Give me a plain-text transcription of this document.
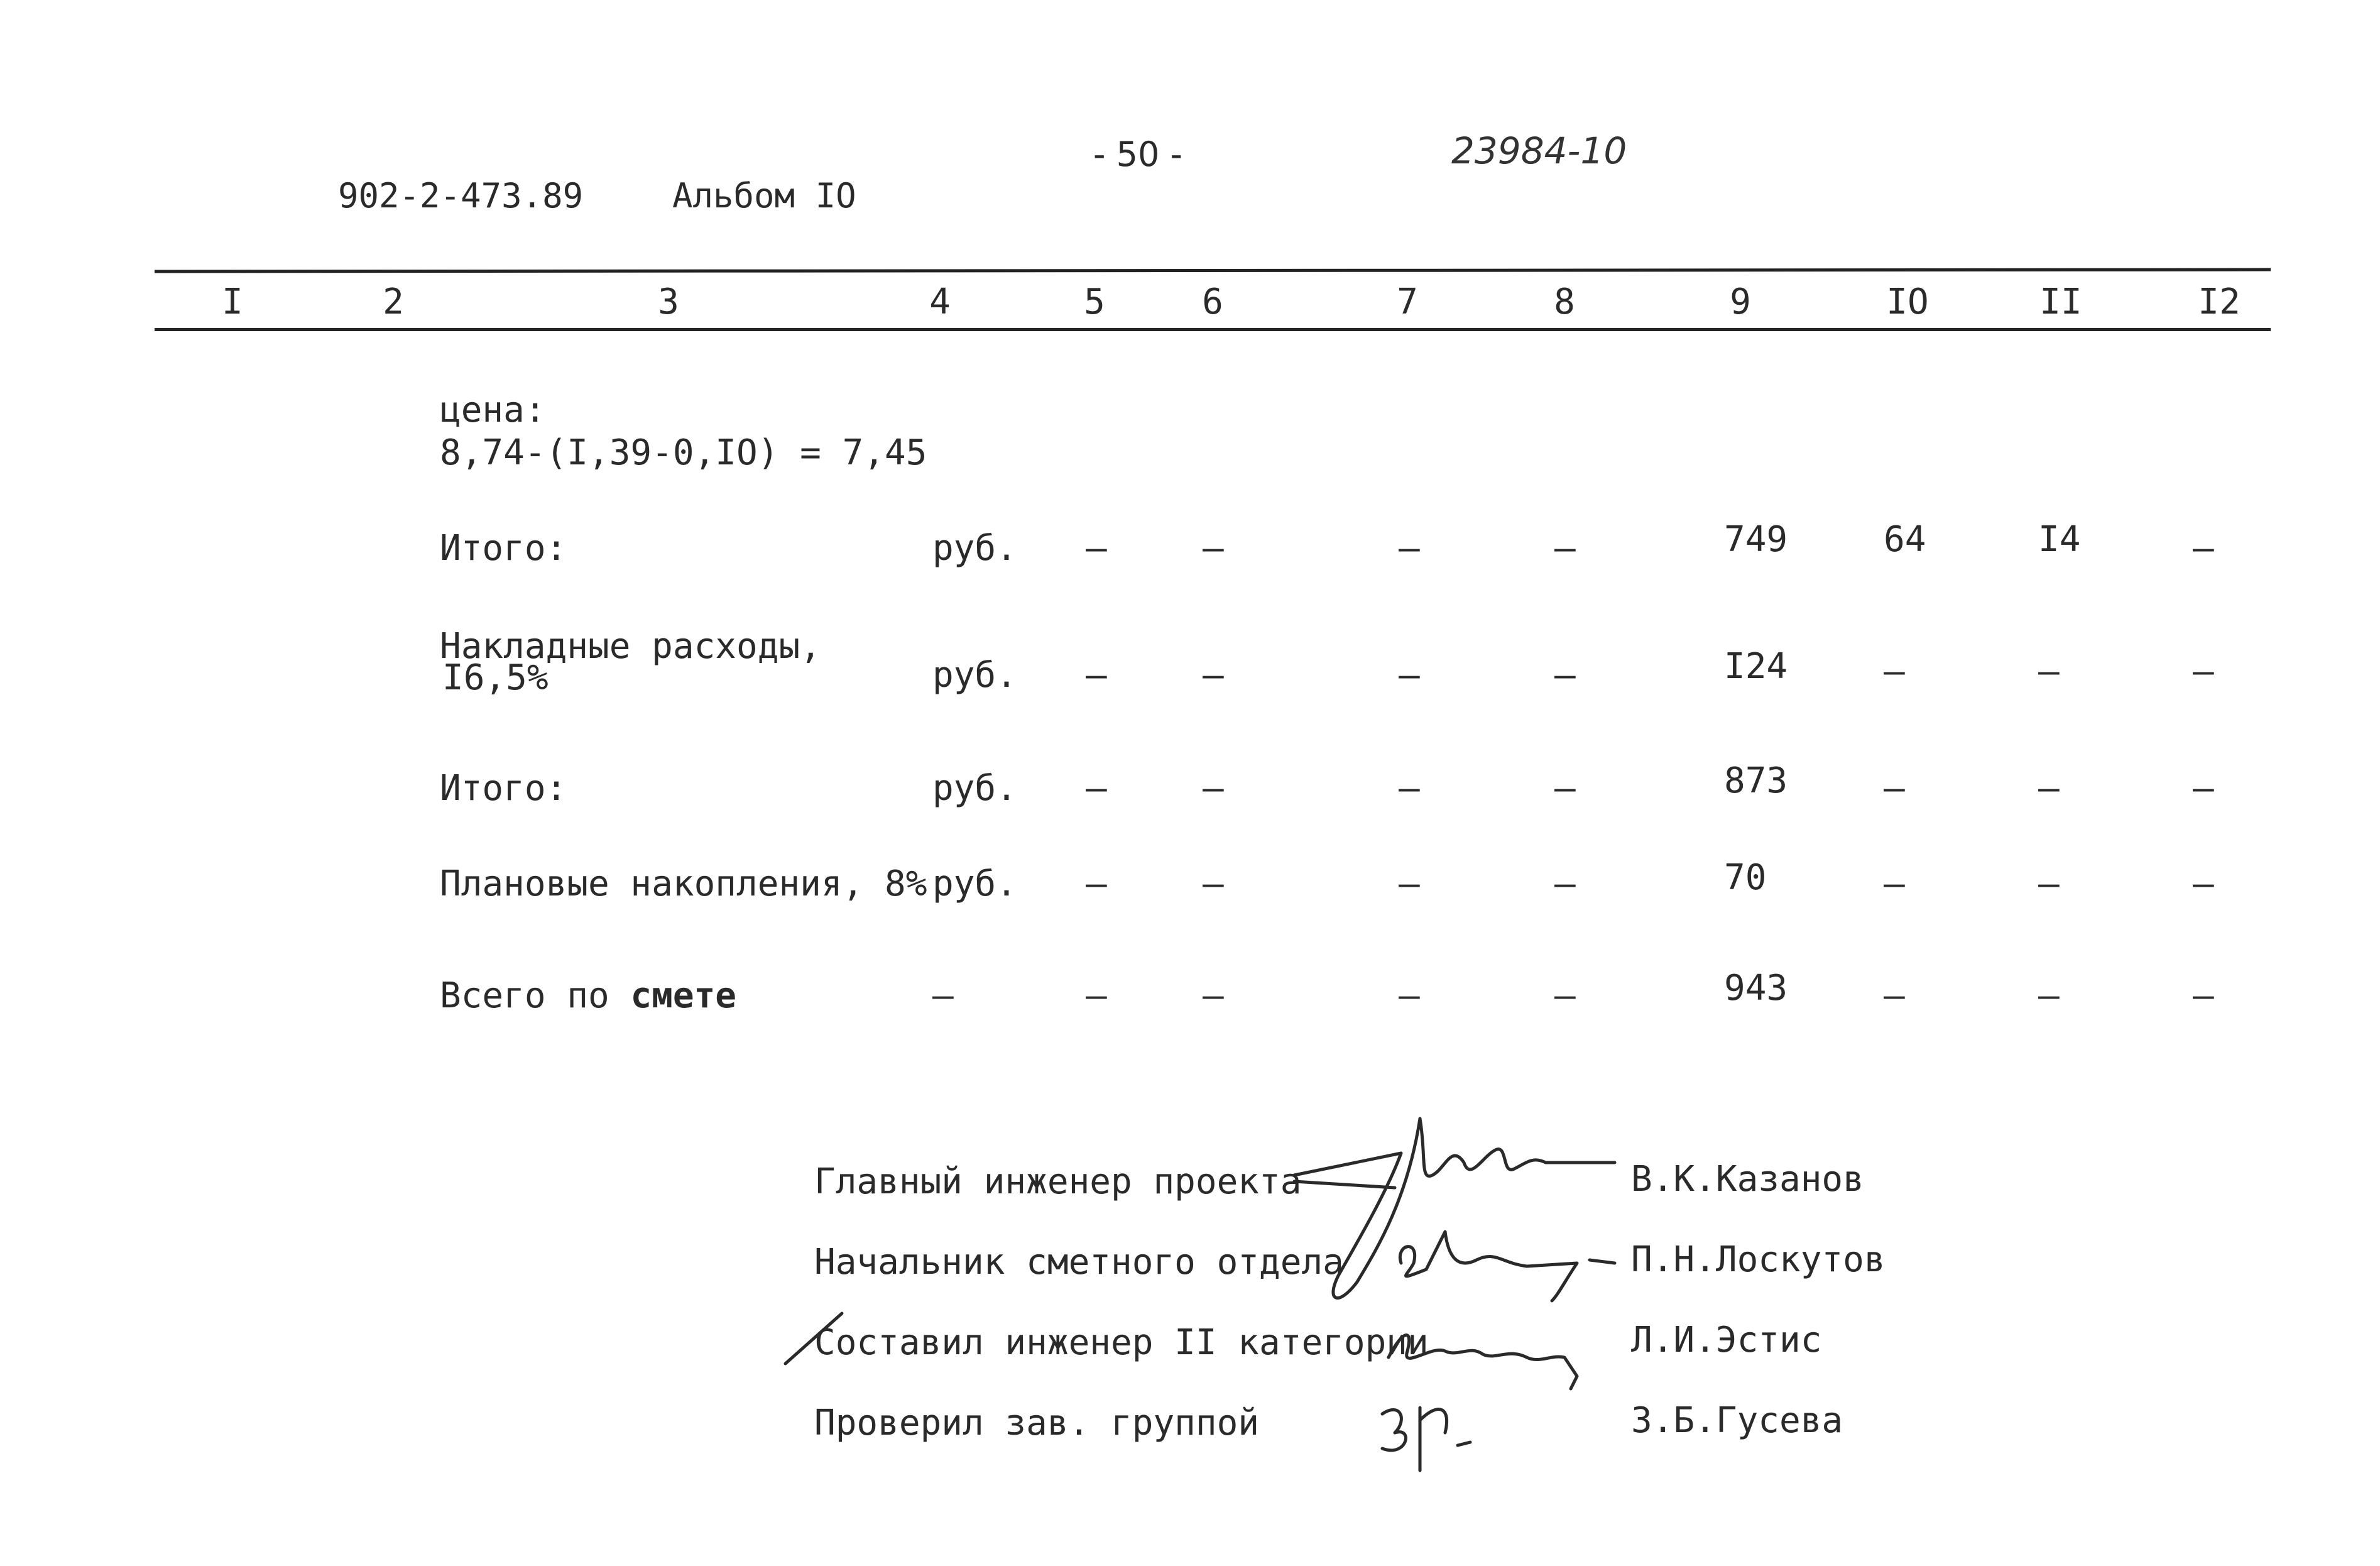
902-2-473.89	Альбом IO
- 50 -	23984-10
I	2	3	4	5	6	7	8	9	IO	II	I2
цена:
8,74-(I,39-0,IO) = 7,45
Итого:	руб. –	–	–	–	749	64	I4	–
Накладные расходы,
I6,5%	руб. –	–	–	–	I24	–	–	–
Итого:	руб. –	–	–	–	873	–	–	–
Плановые накопления, 8% руб. –	–	–	–	70	–	–	–
Всего по смете	–	–	–	–	–	943	–	–	–
Главный инженер проекта	В.К.Казанов
Начальник сметного отдела	П.Н.Лоскутов
Составил инженер II категории	Л.И.Эстис
Проверил зав. группой	З.Б.Гусева
